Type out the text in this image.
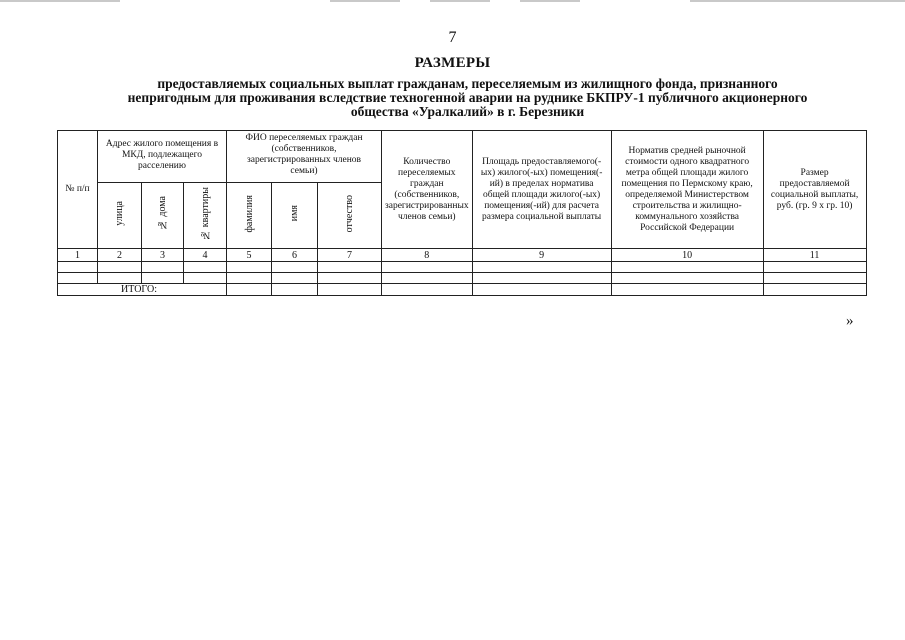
7
РАЗМЕРЫ
предоставляемых социальных выплат гражданам, переселяемым из жилищного фонда, признанного
непригодным для проживания вследствие техногенной аварии на руднике БКПРУ-1 публичного акционерного
общества «Уралкалий» в г. Березники
№ п/п	Адрес жилого помещения в МКД, подлежащего расселению			ФИО переселяемых граждан (собственников, зарегистрированных членов семьи)			Количество переселяемых граждан (собственников, зарегистрированных членов семьи)	Площадь предоставляемого(-ых) жилого(-ых) помещения(-ий) в пределах норматива общей площади жилого(-ых) помещения(-ий) для расчета размера социальной выплаты	Норматив средней рыночной стоимости одного квадратного метра общей площади жилого помещения по Пермскому краю, определяемой Министерством строительства и жилищно-коммунального хозяйства Российской Федерации	Размер предоставляемой социальной выплаты, руб. (гр. 9 х гр. 10)
	улица	№ дома	№ квартиры	фамилия	имя	отчество				
1	2	3	4	5	6	7	8	9	10	11

ИТОГО:										
»
